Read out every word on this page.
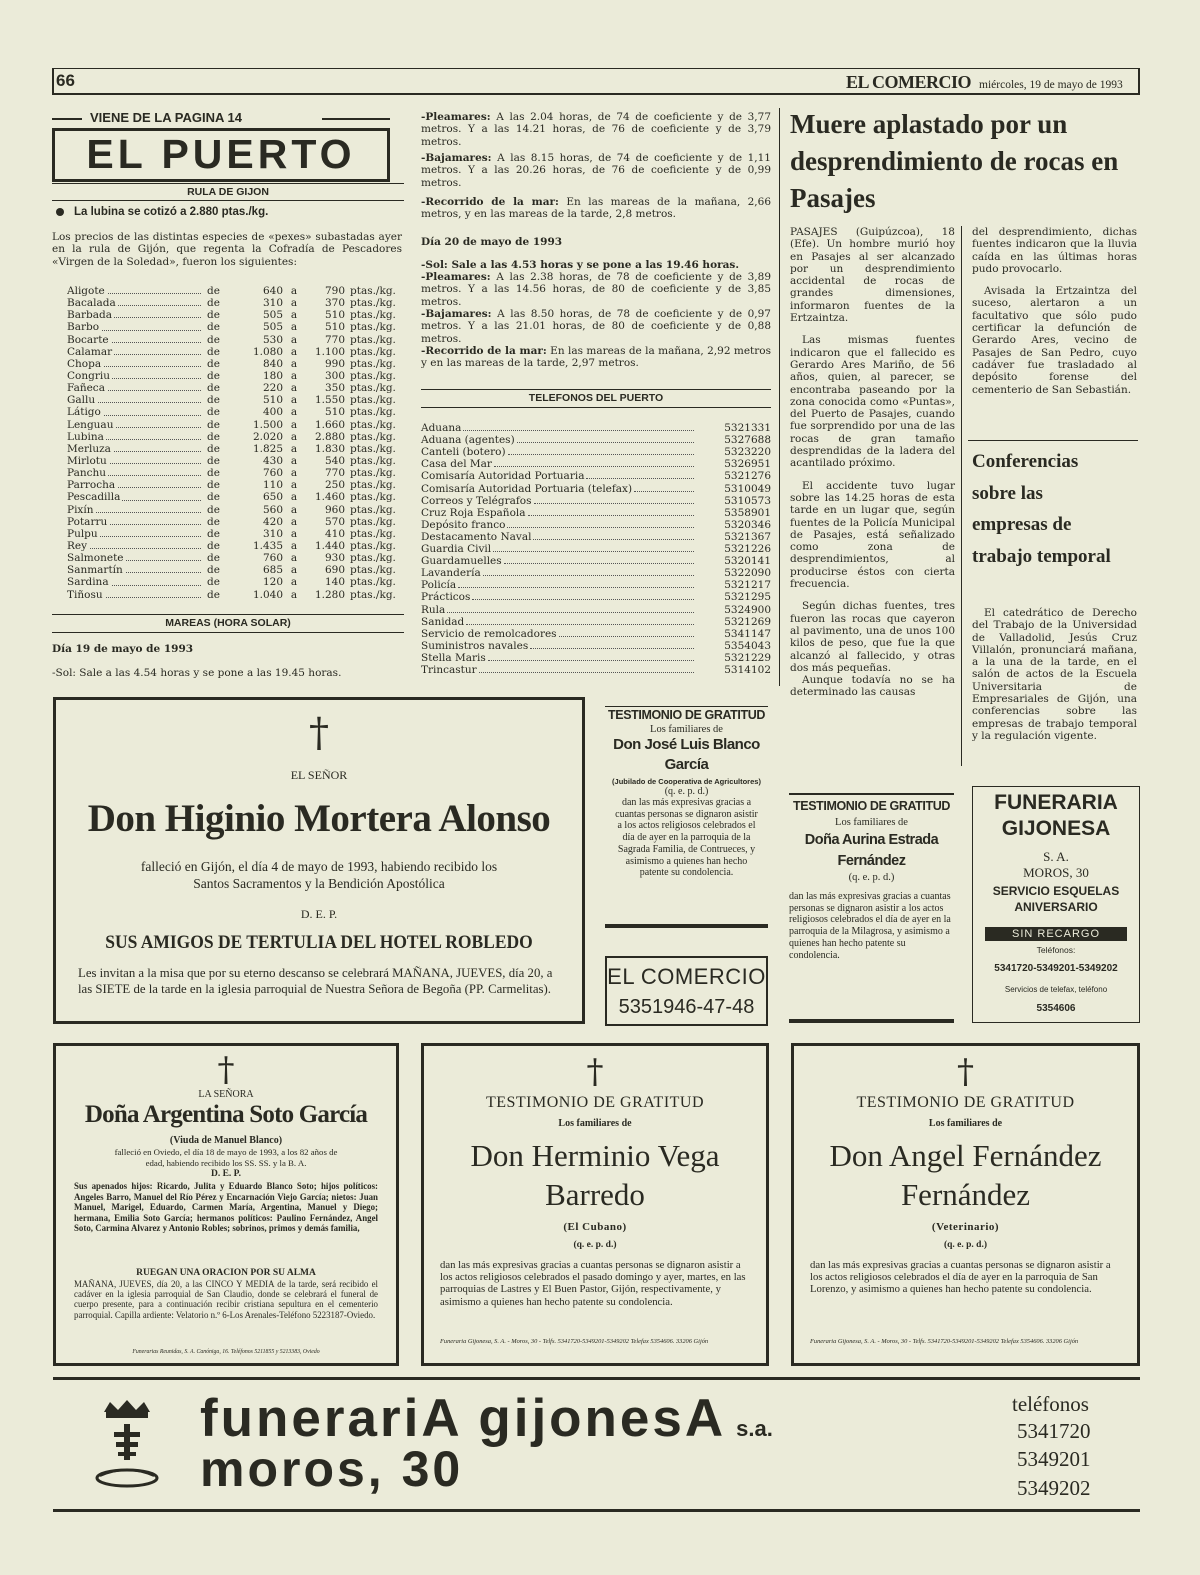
66	EL COMERCIO miércoles, 19 de mayo de 1993
VIENE DE LA PAGINA 14
EL PUERTO
RULA DE GIJON
La lubina se cotizó a 2.880 ptas./kg.
Los precios de las distintas especies de «pexes» subastadas ayer en la rula de Gijón, que regenta la Cofradía de Pescadores «Virgen de la Soledad», fueron los siguientes:
Aligote	de	640 a	790 ptas./kg.
Bacalada	de	310 a	370 ptas./kg.
Barbada	de	505 a	510 ptas./kg.
Barbo	de	505 a	510 ptas./kg.
Bocarte	de	530 a	770 ptas./kg.
Calamar	de	1.080 a	1.100 ptas./kg.
Chopa	de	840 a	990 ptas./kg.
Congriu	de	180 a	300 ptas./kg.
Fañeca	de	220 a	350 ptas./kg.
Gallu	de	510 a	1.550 ptas./kg.
Látigo	de	400 a	510 ptas./kg.
Lenguau	de	1.500 a	1.660 ptas./kg.
Lubina	de	2.020 a	2.880 ptas./kg.
Merluza	de	1.825 a	1.830 ptas./kg.
Mirlotu	de	430 a	540 ptas./kg.
Panchu	de	760 a	770 ptas./kg.
Parrocha	de	110 a	250 ptas./kg.
Pescadilla	de	650 a	1.460 ptas./kg.
Pixín	de	560 a	960 ptas./kg.
Potarru	de	420 a	570 ptas./kg.
Pulpu	de	310 a	410 ptas./kg.
Rey	de	1.435 a	1.440 ptas./kg.
Salmonete	de	760 a	930 ptas./kg.
Sanmartín	de	685 a	690 ptas./kg.
Sardina	de	120 a	140 ptas./kg.
Tiñosu	de	1.040 a	1.280 ptas./kg.
MAREAS (HORA SOLAR)
Día 19 de mayo de 1993
-Sol: Sale a las 4.54 horas y se pone a las 19.45 horas.
-Pleamares: A las 2.04 horas, de 74 de coeficiente y de 3,77 metros. Y a las 14.21 horas, de 76 de coeficiente y de 3,79 metros.
-Bajamares: A las 8.15 horas, de 74 de coeficiente y de 1,11 metros. Y a las 20.26 horas, de 76 de coeficiente y de 0,99 metros.
-Recorrido de la mar: En las mareas de la mañana, 2,66 metros, y en las mareas de la tarde, 2,8 metros.
Día 20 de mayo de 1993
-Sol: Sale a las 4.53 horas y se pone a las 19.46 horas.
-Pleamares: A las 2.38 horas, de 78 de coeficiente y de 3,89 metros. Y a las 14.56 horas, de 80 de coeficiente y de 3,85 metros.
-Bajamares: A las 8.50 horas, de 78 de coeficiente y de 0,97 metros. Y a las 21.01 horas, de 80 de coeficiente y de 0,88 metros.
-Recorrido de la mar: En las mareas de la mañana, 2,92 metros y en las mareas de la tarde, 2,97 metros.
TELEFONOS DEL PUERTO
Aduana	5321331
Aduana (agentes)	5327688
Canteli (botero)	5323220
Casa del Mar	5326951
Comisaría Autoridad Portuaria	5321276
Comisaría Autoridad Portuaria (telefax)	5310049
Correos y Telégrafos	5310573
Cruz Roja Española	5358901
Depósito franco	5320346
Destacamento Naval	5321367
Guardia Civil	5321226
Guardamuelles	5320141
Lavandería	5322090
Policía	5321217
Prácticos	5321295
Rula	5324900
Sanidad	5321269
Servicio de remolcadores	5341147
Suministros navales	5354043
Stella Maris	5321229
Trincastur	5314102
Muere aplastado por un desprendimiento de rocas en Pasajes

PASAJES (Guipúzcoa), 18 (Efe). Un hombre murió hoy en Pasajes al ser alcanzado por un desprendimiento accidental de rocas de grandes dimensiones, informaron fuentes de la Ertzaintza.

Las mismas fuentes indicaron que el fallecido es Gerardo Ares Mariño, de 56 años, quien, al parecer, se encontraba paseando por la zona conocida como «Puntas», del Puerto de Pasajes, cuando fue sorprendido por una de las rocas de gran tamaño desprendidas de la ladera del acantilado próximo.

El accidente tuvo lugar sobre las 14.25 horas de esta tarde en un lugar que, según fuentes de la Policía Municipal de Pasajes, está señalizado como zona de desprendimientos, al producirse éstos con cierta frecuencia.

Según dichas fuentes, tres fueron las rocas que cayeron al pavimento, una de unos 100 kilos de peso, que fue la que alcanzó al fallecido, y otras dos más pequeñas.

Aunque todavía no se ha determinado las causas

del desprendimiento, dichas fuentes indicaron que la lluvia caída en las últimas horas pudo provocarlo.

Avisada la Ertzaintza del suceso, alertaron a un facultativo que sólo pudo certificar la defunción de Gerardo Ares, vecino de Pasajes de San Pedro, cuyo cadáver fue trasladado al depósito forense del cementerio de San Sebastián.

Conferencias sobre las empresas de trabajo temporal
El catedrático de Derecho del Trabajo de la Universidad de Valladolid, Jesús Cruz Villalón, pronunciará mañana, a la una de la tarde, en el salón de actos de la Escuela Universitaria de Empresariales de Gijón, una conferencias sobre las empresas de trabajo temporal y la regulación vigente.
†
EL SEÑOR
Don Higinio Mortera Alonso
falleció en Gijón, el día 4 de mayo de 1993, habiendo recibido los
Santos Sacramentos y la Bendición Apostólica
D. E. P.
SUS AMIGOS DE TERTULIA DEL HOTEL ROBLEDO
Les invitan a la misa que por su eterno descanso se celebrará MAÑANA, JUEVES, día 20, a las SIETE de la tarde en la iglesia parroquial de Nuestra Señora de Begoña (PP. Carmelitas).
TESTIMONIO DE GRATITUD
Los familiares de
Don José Luis Blanco García
(Jubilado de Cooperativa de Agricultores)
(q. e. p. d.)
dan las más expresivas gracias a cuantas personas se dignaron asistir a los actos religiosos celebrados el día de ayer en la parroquia de la Sagrada Familia, de Contrueces, y asimismo a quienes han hecho patente su condolencia.
EL COMERCIO
5351946-47-48
TESTIMONIO DE GRATITUD
Los familiares de
Doña Aurina Estrada Fernández
(q. e. p. d.)
dan las más expresivas gracias a cuantas personas se dignaron asistir a los actos religiosos celebrados el día de ayer en la parroquia de la Milagrosa, y asimismo a quienes han hecho patente su condolencia.
FUNERARIA
GIJONESA
S. A.
MOROS, 30
SERVICIO ESQUELAS
ANIVERSARIO
SIN RECARGO
Teléfonos:
5341720-5349201-5349202
Servicios de telefax, teléfono
5354606
†
LA SEÑORA
Doña Argentina Soto García
(Viuda de Manuel Blanco)
falleció en Oviedo, el día 18 de mayo de 1993, a los 82 años de edad, habiendo recibido los SS. SS. y la B. A.
D. E. P.
Sus apenados hijos: Ricardo, Julita y Eduardo Blanco Soto; hijos políticos: Angeles Barro, Manuel del Río Pérez y Encarnación Viejo García; nietos: Juan Manuel, Marigel, Eduardo, Carmen María, Argentina, Manuel y Diego; hermana, Emilia Soto García; hermanos políticos: Paulino Fernández, Angel Soto, Carmina Alvarez y Antonio Robles; sobrinos, primos y demás familia,
RUEGAN UNA ORACION POR SU ALMA
MAÑANA, JUEVES, día 20, a las CINCO Y MEDIA de la tarde, será recibido el cadáver en la iglesia parroquial de San Claudio, donde se celebrará el funeral de cuerpo presente, para a continuación recibir cristiana sepultura en el cementerio parroquial. Capilla ardiente: Velatorio n.º 6-Los Arenales-Teléfono 5223187-Oviedo.
Funerarias Reunidas, S. A. Canóniga, 16. Teléfonos 5211855 y 5213383, Oviedo
†
TESTIMONIO DE GRATITUD
Los familiares de
Don Herminio Vega Barredo
(El Cubano)
(q. e. p. d.)
dan las más expresivas gracias a cuantas personas se dignaron asistir a los actos religiosos celebrados el pasado domingo y ayer, martes, en las parroquias de Lastres y El Buen Pastor, Gijón, respectivamente, y asimismo a quienes han hecho patente su condolencia.
Funeraria Gijonesa, S. A. - Moros, 30 - Telfs. 5341720-5349201-5349202 Telefax 5354606. 33206 Gijón
†
TESTIMONIO DE GRATITUD
Los familiares de
Don Angel Fernández Fernández
(Veterinario)
(q. e. p. d.)
dan las más expresivas gracias a cuantas personas se dignaron asistir a los actos religiosos celebrados el día de ayer en la parroquia de San Lorenzo, y asimismo a quienes han hecho patente su condolencia.
Funeraria Gijonesa, S. A. - Moros, 30 - Telfs. 5341720-5349201-5349202 Telefax 5354606. 33206 Gijón
funerariA gijonesA s.a.
moros, 30
teléfonos
5341720
5349201
5349202
